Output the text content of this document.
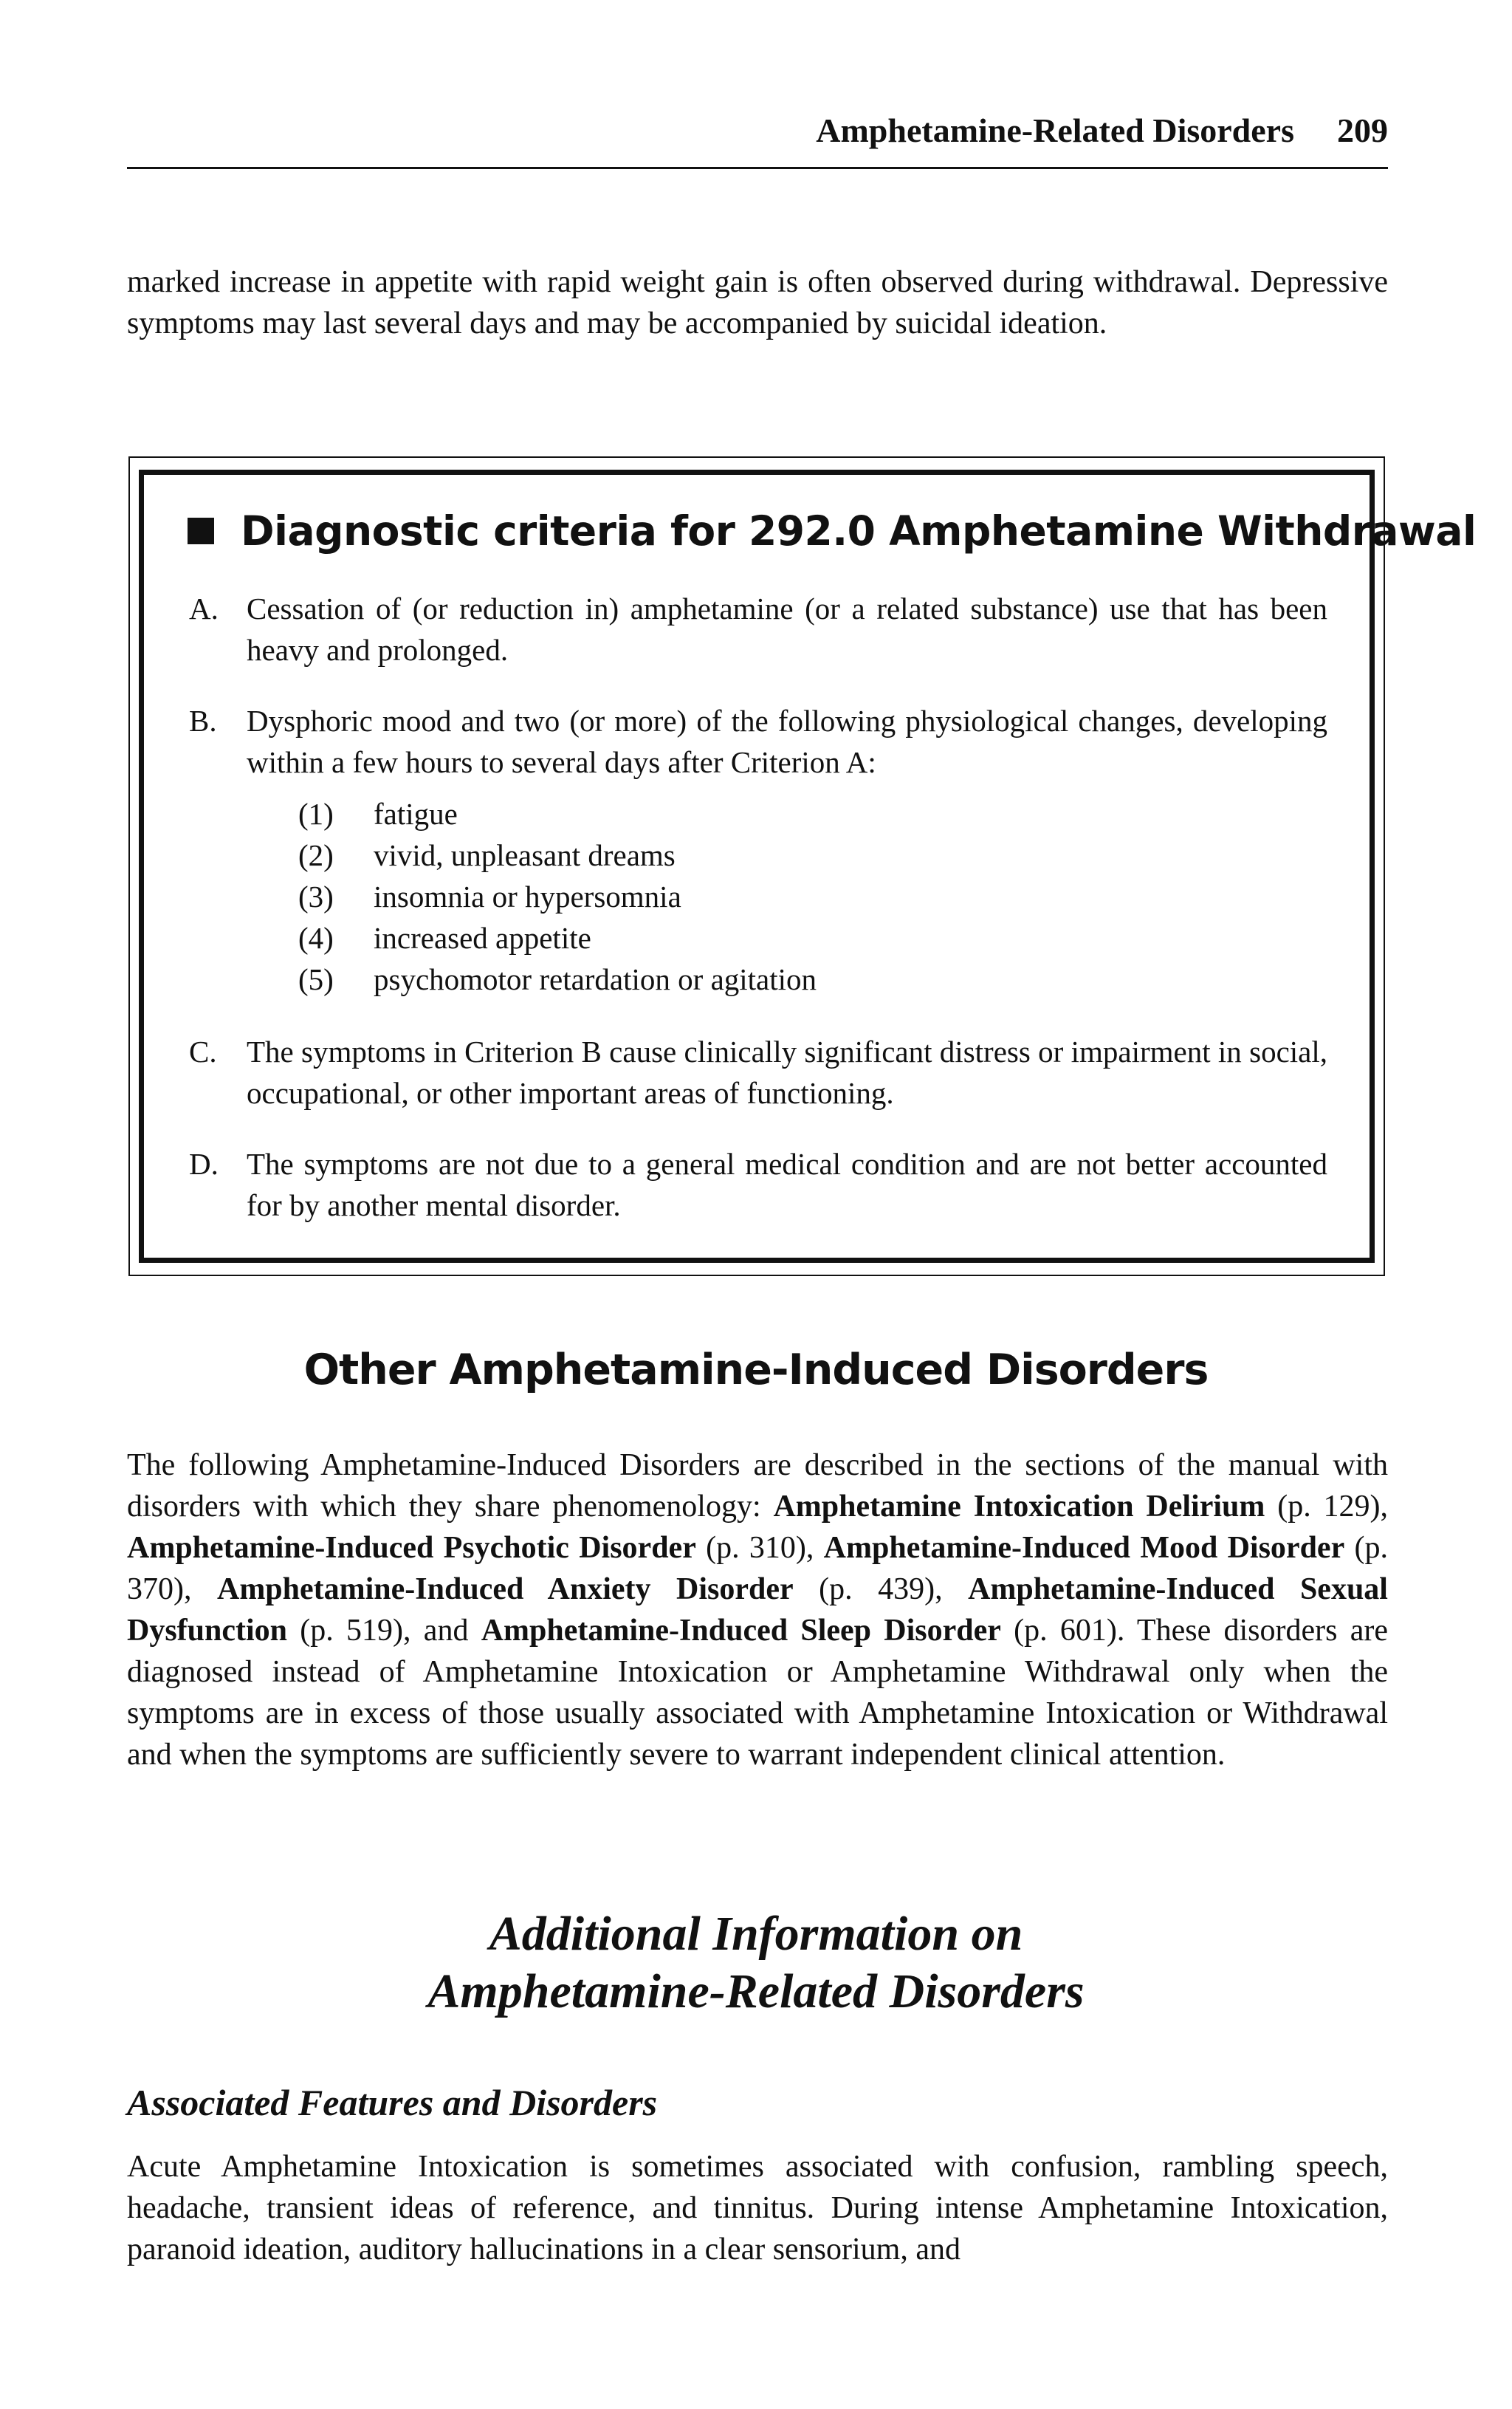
Amphetamine-Related Disorders 209
marked increase in appetite with rapid weight gain is often observed during withdrawal. Depressive symptoms may last several days and may be accompanied by suicidal ideation.
Diagnostic criteria for 292.0 Amphetamine Withdrawal
A. Cessation of (or reduction in) amphetamine (or a related substance) use that has been heavy and prolonged.
B. Dysphoric mood and two (or more) of the following physiological changes, developing within a few hours to several days after Criterion A:
(1) fatigue
(2) vivid, unpleasant dreams
(3) insomnia or hypersomnia
(4) increased appetite
(5) psychomotor retardation or agitation
C. The symptoms in Criterion B cause clinically significant distress or impairment in social, occupational, or other important areas of functioning.
D. The symptoms are not due to a general medical condition and are not better accounted for by another mental disorder.
Other Amphetamine-Induced Disorders
The following Amphetamine-Induced Disorders are described in the sections of the manual with disorders with which they share phenomenology: Amphetamine Intoxication Delirium (p. 129), Amphetamine-Induced Psychotic Disorder (p. 310), Amphetamine-Induced Mood Disorder (p. 370), Amphetamine-Induced Anxiety Disorder (p. 439), Amphetamine-Induced Sexual Dysfunction (p. 519), and Amphetamine-Induced Sleep Disorder (p. 601). These disorders are diagnosed instead of Amphetamine Intoxication or Amphetamine Withdrawal only when the symptoms are in excess of those usually associated with Amphetamine Intoxication or Withdrawal and when the symptoms are sufficiently severe to warrant independent clinical attention.
Additional Information on
Amphetamine-Related Disorders
Associated Features and Disorders
Acute Amphetamine Intoxication is sometimes associated with confusion, rambling speech, headache, transient ideas of reference, and tinnitus. During intense Amphetamine Intoxication, paranoid ideation, auditory hallucinations in a clear sensorium, and
